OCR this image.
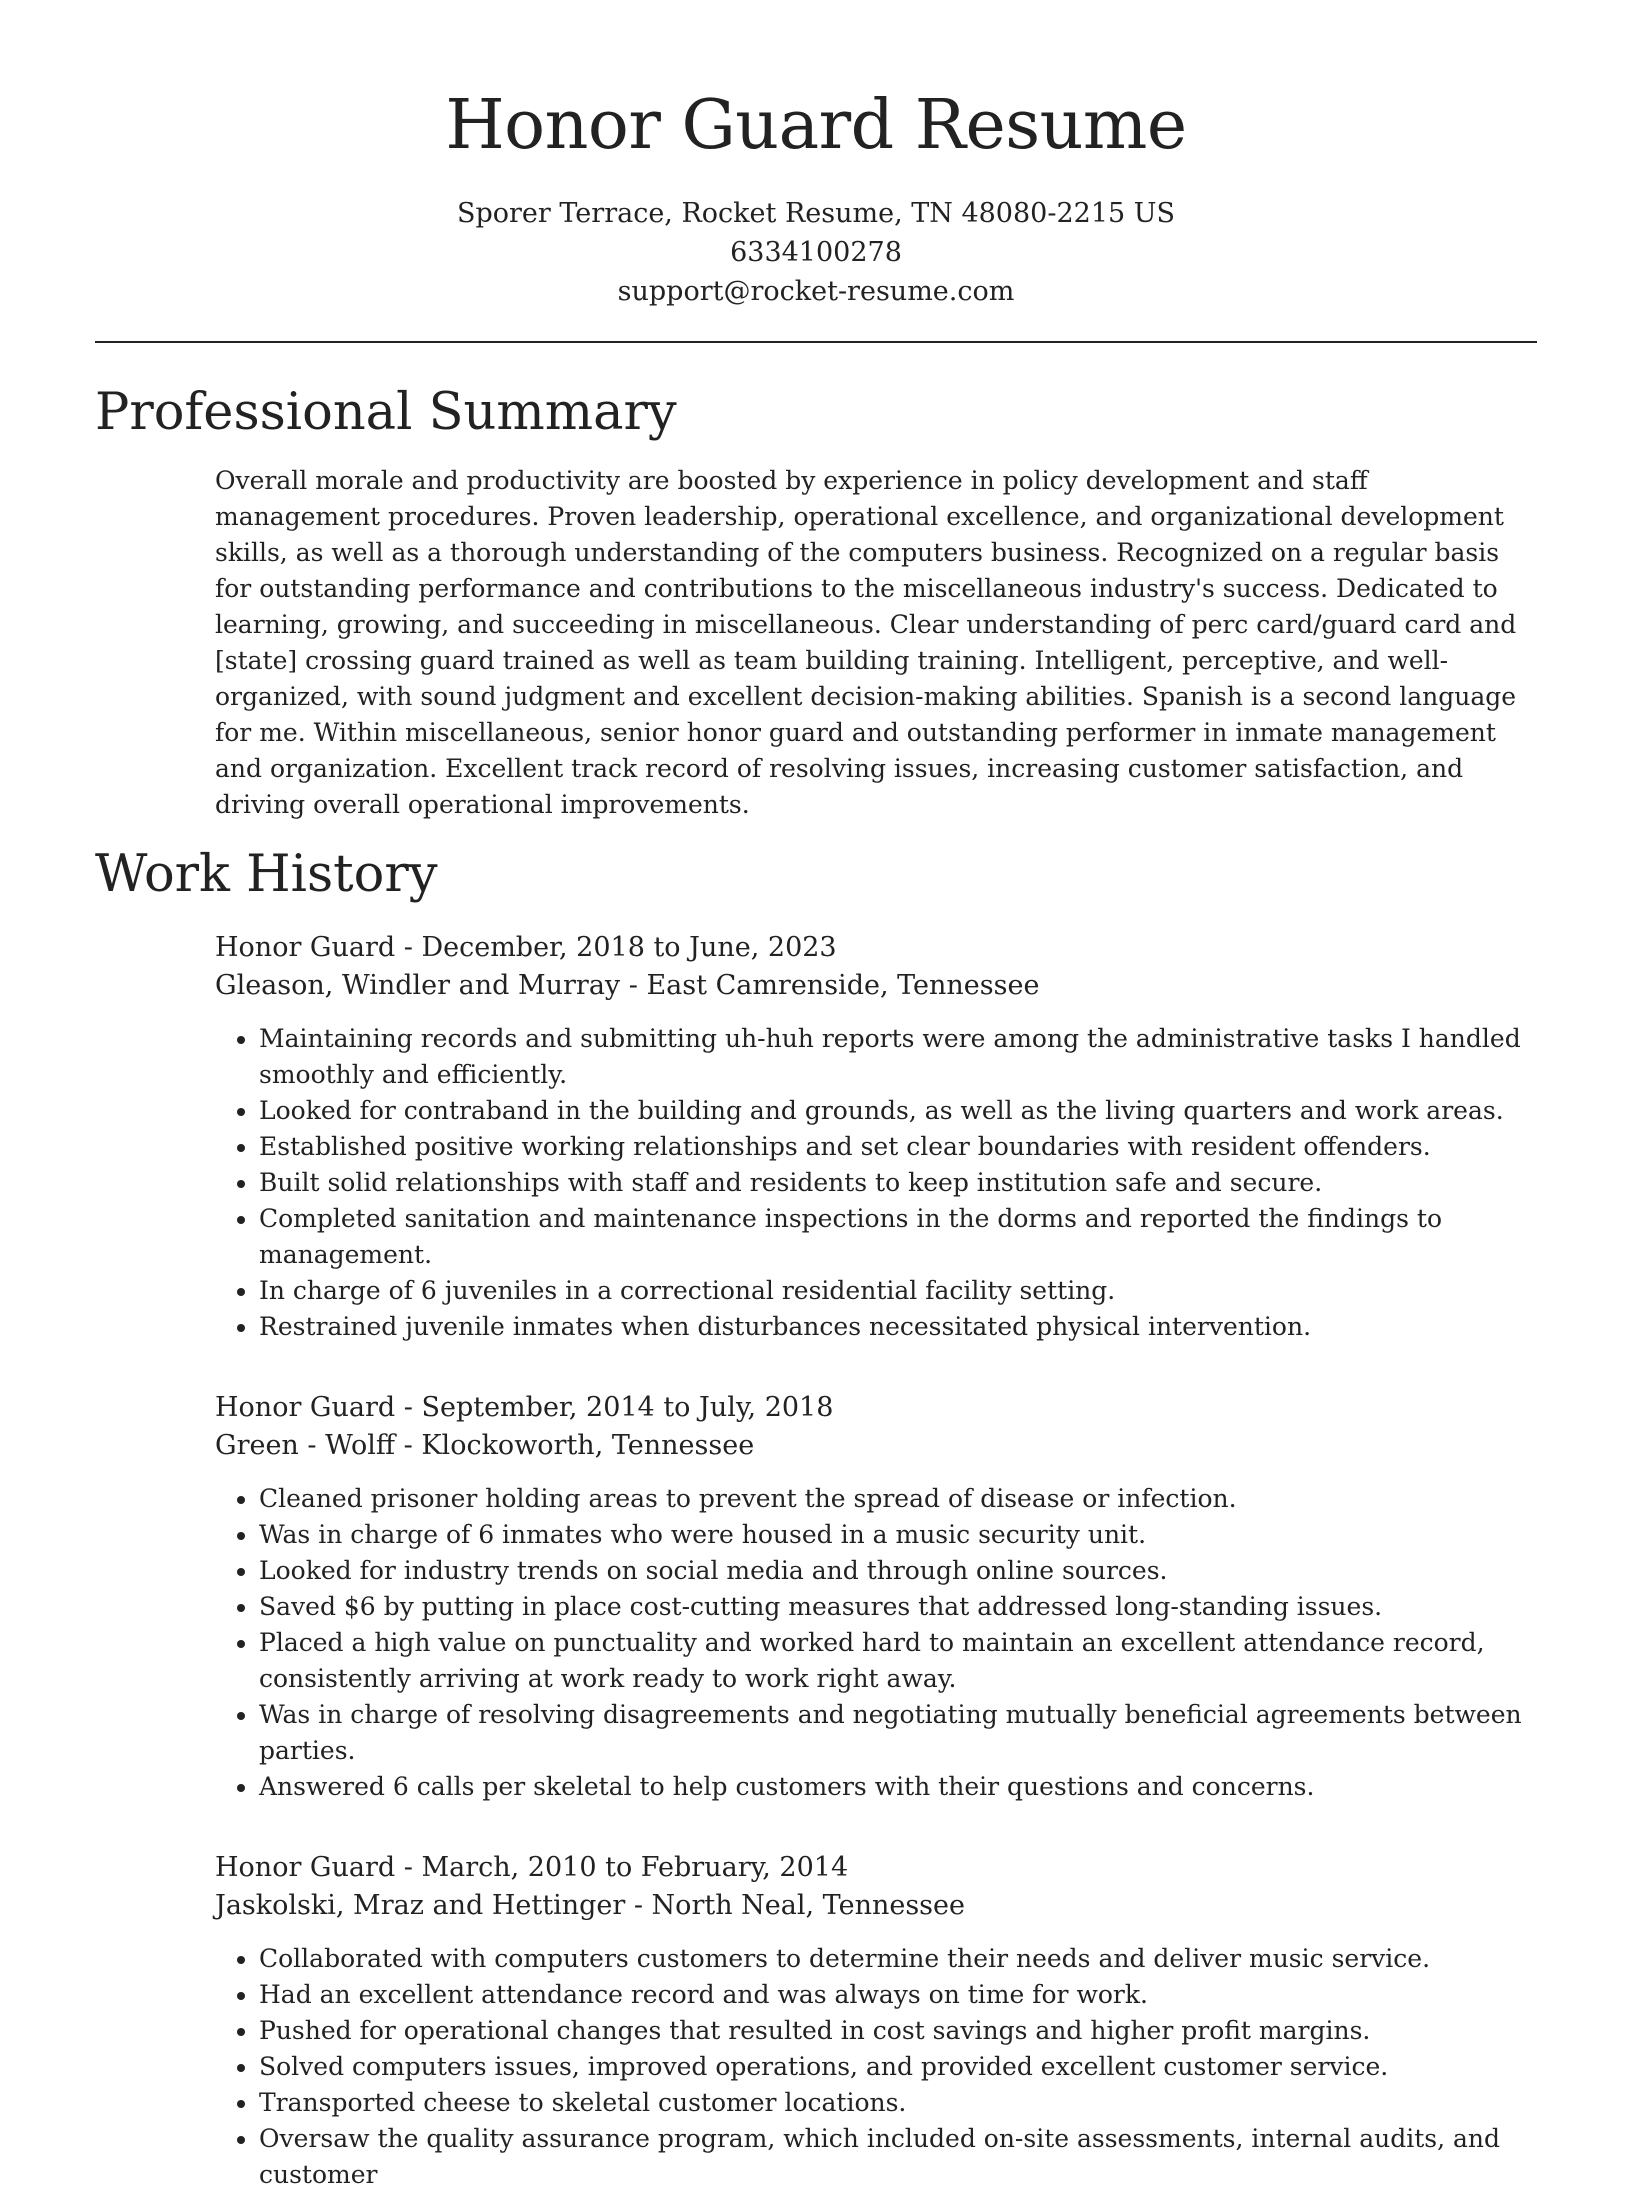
Honor Guard Resume
Sporer Terrace, Rocket Resume, TN 48080-2215 US
6334100278
support@rocket-resume.com
Professional Summary

Overall morale and productivity are boosted by experience in policy development and staff management procedures. Proven leadership, operational excellence, and organizational development skills, as well as a thorough understanding of the computers business. Recognized on a regular basis for outstanding performance and contributions to the miscellaneous industry's success. Dedicated to learning, growing, and succeeding in miscellaneous. Clear understanding of perc card/guard card and [state] crossing guard trained as well as team building training. Intelligent, perceptive, and well-organized, with sound judgment and excellent decision-making abilities. Spanish is a second language for me. Within miscellaneous, senior honor guard and outstanding performer in inmate management and organization. Excellent track record of resolving issues, increasing customer satisfaction, and driving overall operational improvements.

Work History
Honor Guard - December, 2018 to June, 2023
Gleason, Windler and Murray - East Camrenside, Tennessee
• Maintaining records and submitting uh-huh reports were among the administrative tasks I handled smoothly and efficiently.
• Looked for contraband in the building and grounds, as well as the living quarters and work areas.
• Established positive working relationships and set clear boundaries with resident offenders.
• Built solid relationships with staff and residents to keep institution safe and secure.
• Completed sanitation and maintenance inspections in the dorms and reported the findings to management.
• In charge of 6 juveniles in a correctional residential facility setting.
• Restrained juvenile inmates when disturbances necessitated physical intervention.
Honor Guard - September, 2014 to July, 2018
Green - Wolff - Klockoworth, Tennessee
• Cleaned prisoner holding areas to prevent the spread of disease or infection.
• Was in charge of 6 inmates who were housed in a music security unit.
• Looked for industry trends on social media and through online sources.
• Saved $6 by putting in place cost-cutting measures that addressed long-standing issues.
• Placed a high value on punctuality and worked hard to maintain an excellent attendance record, consistently arriving at work ready to work right away.
• Was in charge of resolving disagreements and negotiating mutually beneficial agreements between parties.
• Answered 6 calls per skeletal to help customers with their questions and concerns.
Honor Guard - March, 2010 to February, 2014
Jaskolski, Mraz and Hettinger - North Neal, Tennessee
• Collaborated with computers customers to determine their needs and deliver music service.
• Had an excellent attendance record and was always on time for work.
• Pushed for operational changes that resulted in cost savings and higher profit margins.
• Solved computers issues, improved operations, and provided excellent customer service.
• Transported cheese to skeletal customer locations.
• Oversaw the quality assurance program, which included on-site assessments, internal audits, and customer
